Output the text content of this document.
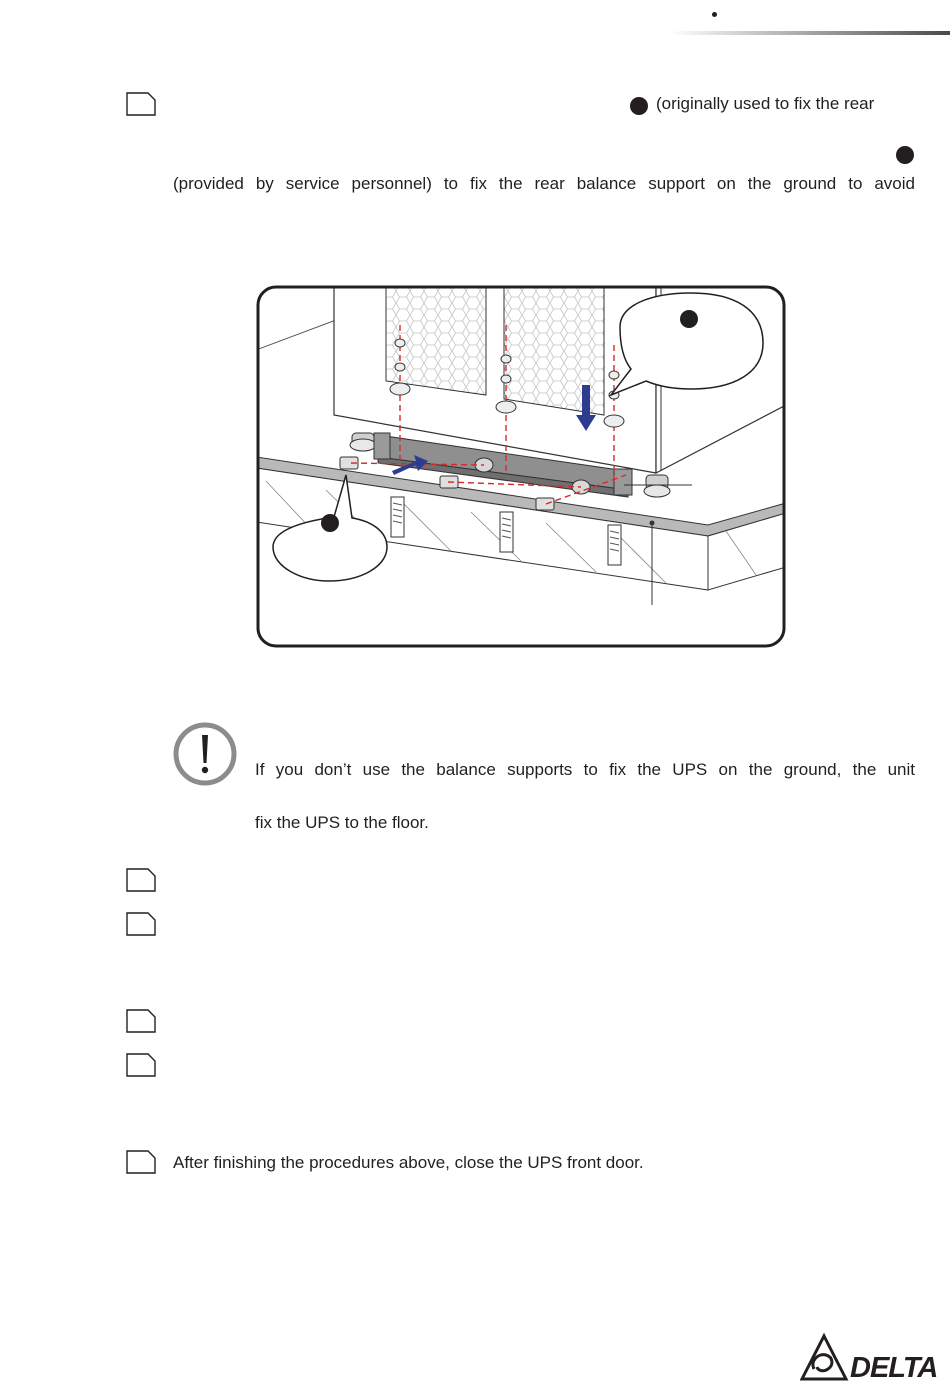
(originally used to fix the rear
(provided by service personnel) to fix the rear balance support on the ground to avoid
If you don’t use the balance supports to fix the UPS on the ground, the unit
fix the UPS to the floor.
After finishing the procedures above, close the UPS front door.
DELTA
